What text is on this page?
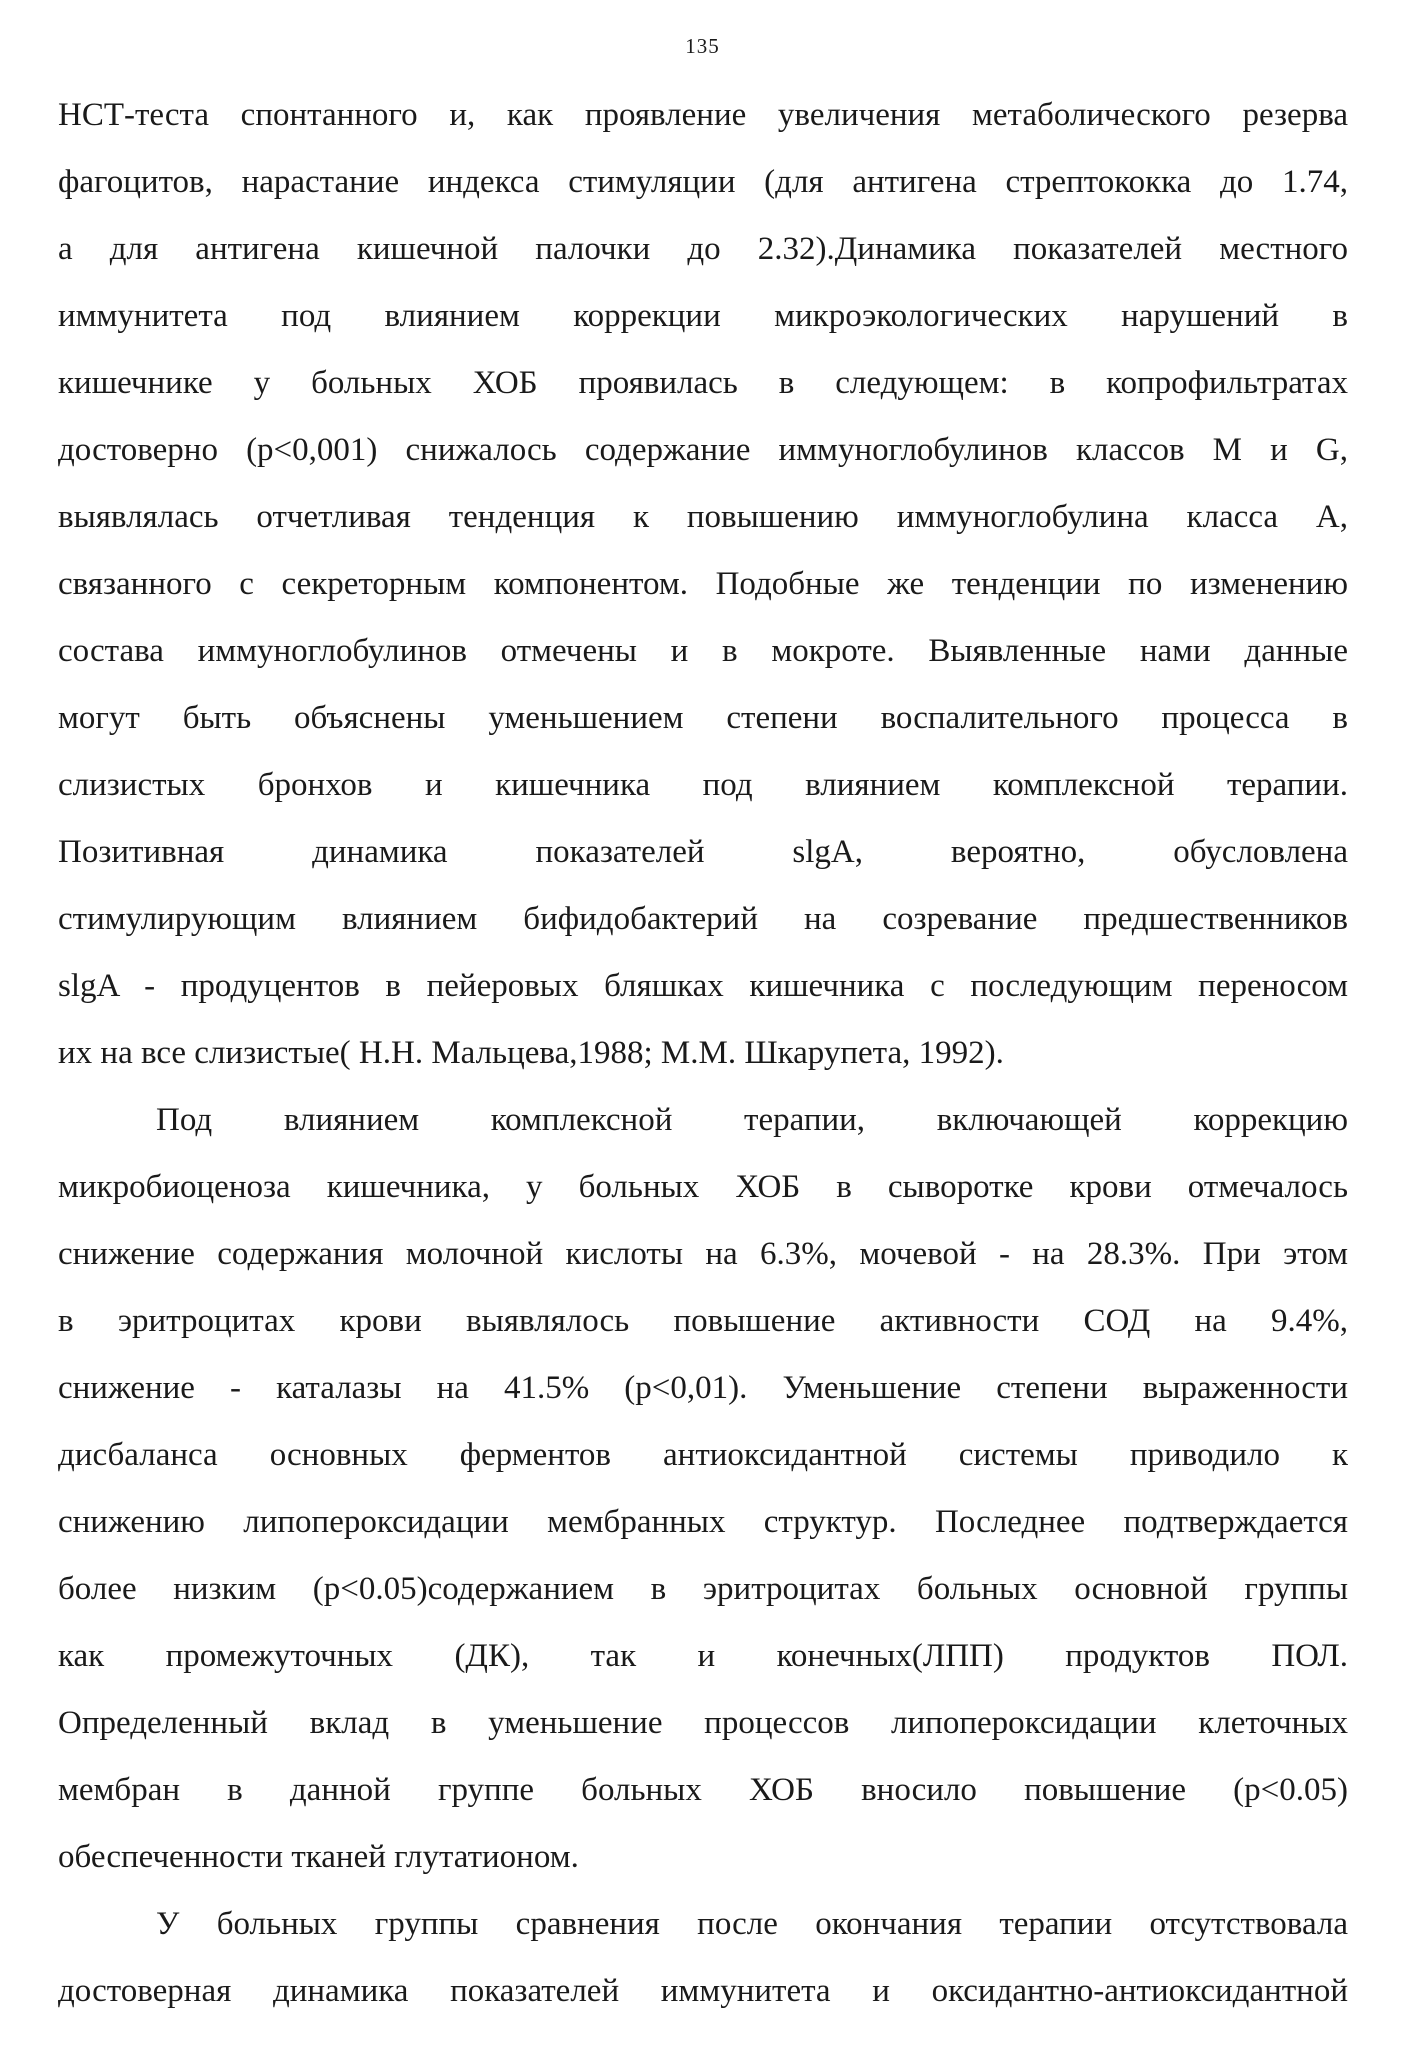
135
НСТ-теста спонтанного и, как проявление увеличения метаболического резерва
фагоцитов, нарастание индекса стимуляции (для антигена стрептококка до 1.74,
а для антигена кишечной палочки до 2.32).Динамика показателей местного
иммунитета под влиянием коррекции микроэкологических нарушений в
кишечнике у больных ХОБ проявилась в следующем: в копрофильтратах
достоверно (р<0,001) снижалось содержание иммуноглобулинов классов М и G,
выявлялась отчетливая тенденция к повышению иммуноглобулина класса А,
связанного с секреторным компонентом. Подобные же тенденции по изменению
состава иммуноглобулинов отмечены и в мокроте. Выявленные нами данные
могут быть объяснены уменьшением степени воспалительного процесса в
слизистых бронхов и кишечника под влиянием комплексной терапии.
Позитивная динамика показателей slgA, вероятно, обусловлена
стимулирующим влиянием бифидобактерий на созревание предшественников
slgA - продуцентов в пейеровых бляшках кишечника с последующим переносом
их на все слизистые( Н.Н. Мальцева,1988; М.М. Шкарупета, 1992).
Под влиянием комплексной терапии, включающей коррекцию
микробиоценоза кишечника, у больных ХОБ в сыворотке крови отмечалось
снижение содержания молочной кислоты на 6.3%, мочевой - на 28.3%. При этом
в эритроцитах крови выявлялось повышение активности СОД на 9.4%,
снижение - каталазы на 41.5% (р<0,01). Уменьшение степени выраженности
дисбаланса основных ферментов антиоксидантной системы приводило к
снижению липопероксидации мембранных структур. Последнее подтверждается
более низким (р<0.05)содержанием в эритроцитах больных основной группы
как промежуточных (ДК), так и конечных(ЛПП) продуктов ПОЛ.
Определенный вклад в уменьшение процессов липопероксидации клеточных
мембран в данной группе больных ХОБ вносило повышение (р<0.05)
обеспеченности тканей глутатионом.
У больных группы сравнения после окончания терапии отсутствовала
достоверная динамика показателей иммунитета и оксидантно-антиоксидантной
